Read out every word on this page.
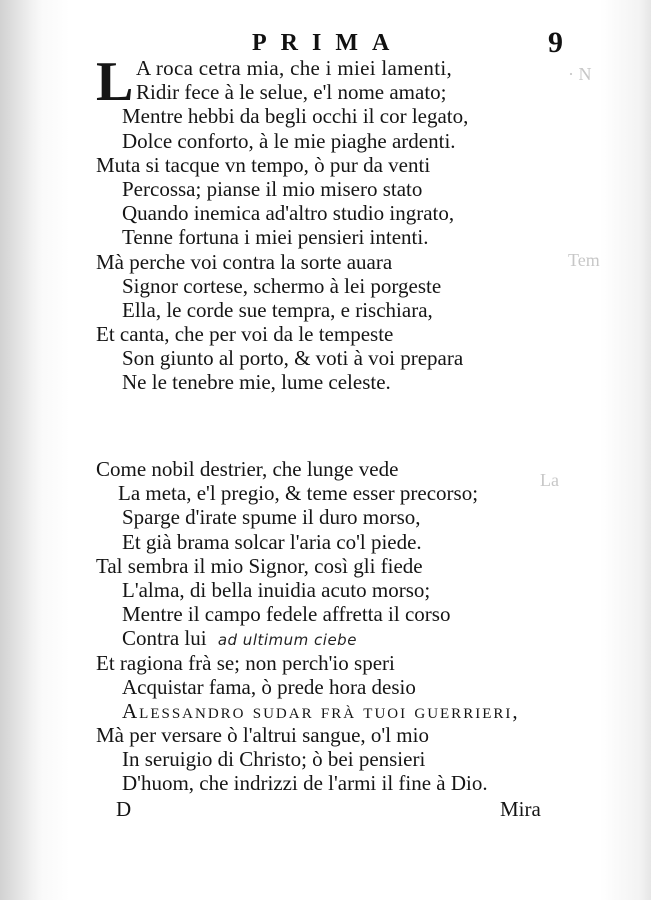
· N
Tem
La
PRIMA	9
L A roca cetra mia, che i miei lamenti,
Ridir fece à le selue, e'l nome amato;
Mentre hebbi da begli occhi il cor legato,
Dolce conforto, à le mie piaghe ardenti.
Muta si tacque vn tempo, ò pur da venti
Percossa; pianse il mio misero stato
Quando inemica ad'altro studio ingrato,
Tenne fortuna i miei pensieri intenti.
Mà perche voi contra la sorte auara
Signor cortese, schermo à lei porgeste
Ella, le corde sue tempra, e rischiara,
Et canta, che per voi da le tempeste
Son giunto al porto, & voti à voi prepara
Ne le tenebre mie, lume celeste.
Come nobil destrier, che lunge vede
La meta, e'l pregio, & teme esser precorso;
Sparge d'irate spume il duro morso,
Et già brama solcar l'aria co'l piede.
Tal sembra il mio Signor, così gli fiede
L'alma, di bella inuidia acuto morso;
Mentre il campo fedele affretta il corso
Contra lui ad ultimum ciebe
Et ragiona frà se; non perch'io speri
Acquistar fama, ò prede hora desio
Alessandro sudar frà tuoi guerrieri,
Mà per versare ò l'altrui sangue, o'l mio
In seruigio di Christo; ò bei pensieri
D'huom, che indrizzi de l'armi il fine à Dio.
D	Mira
